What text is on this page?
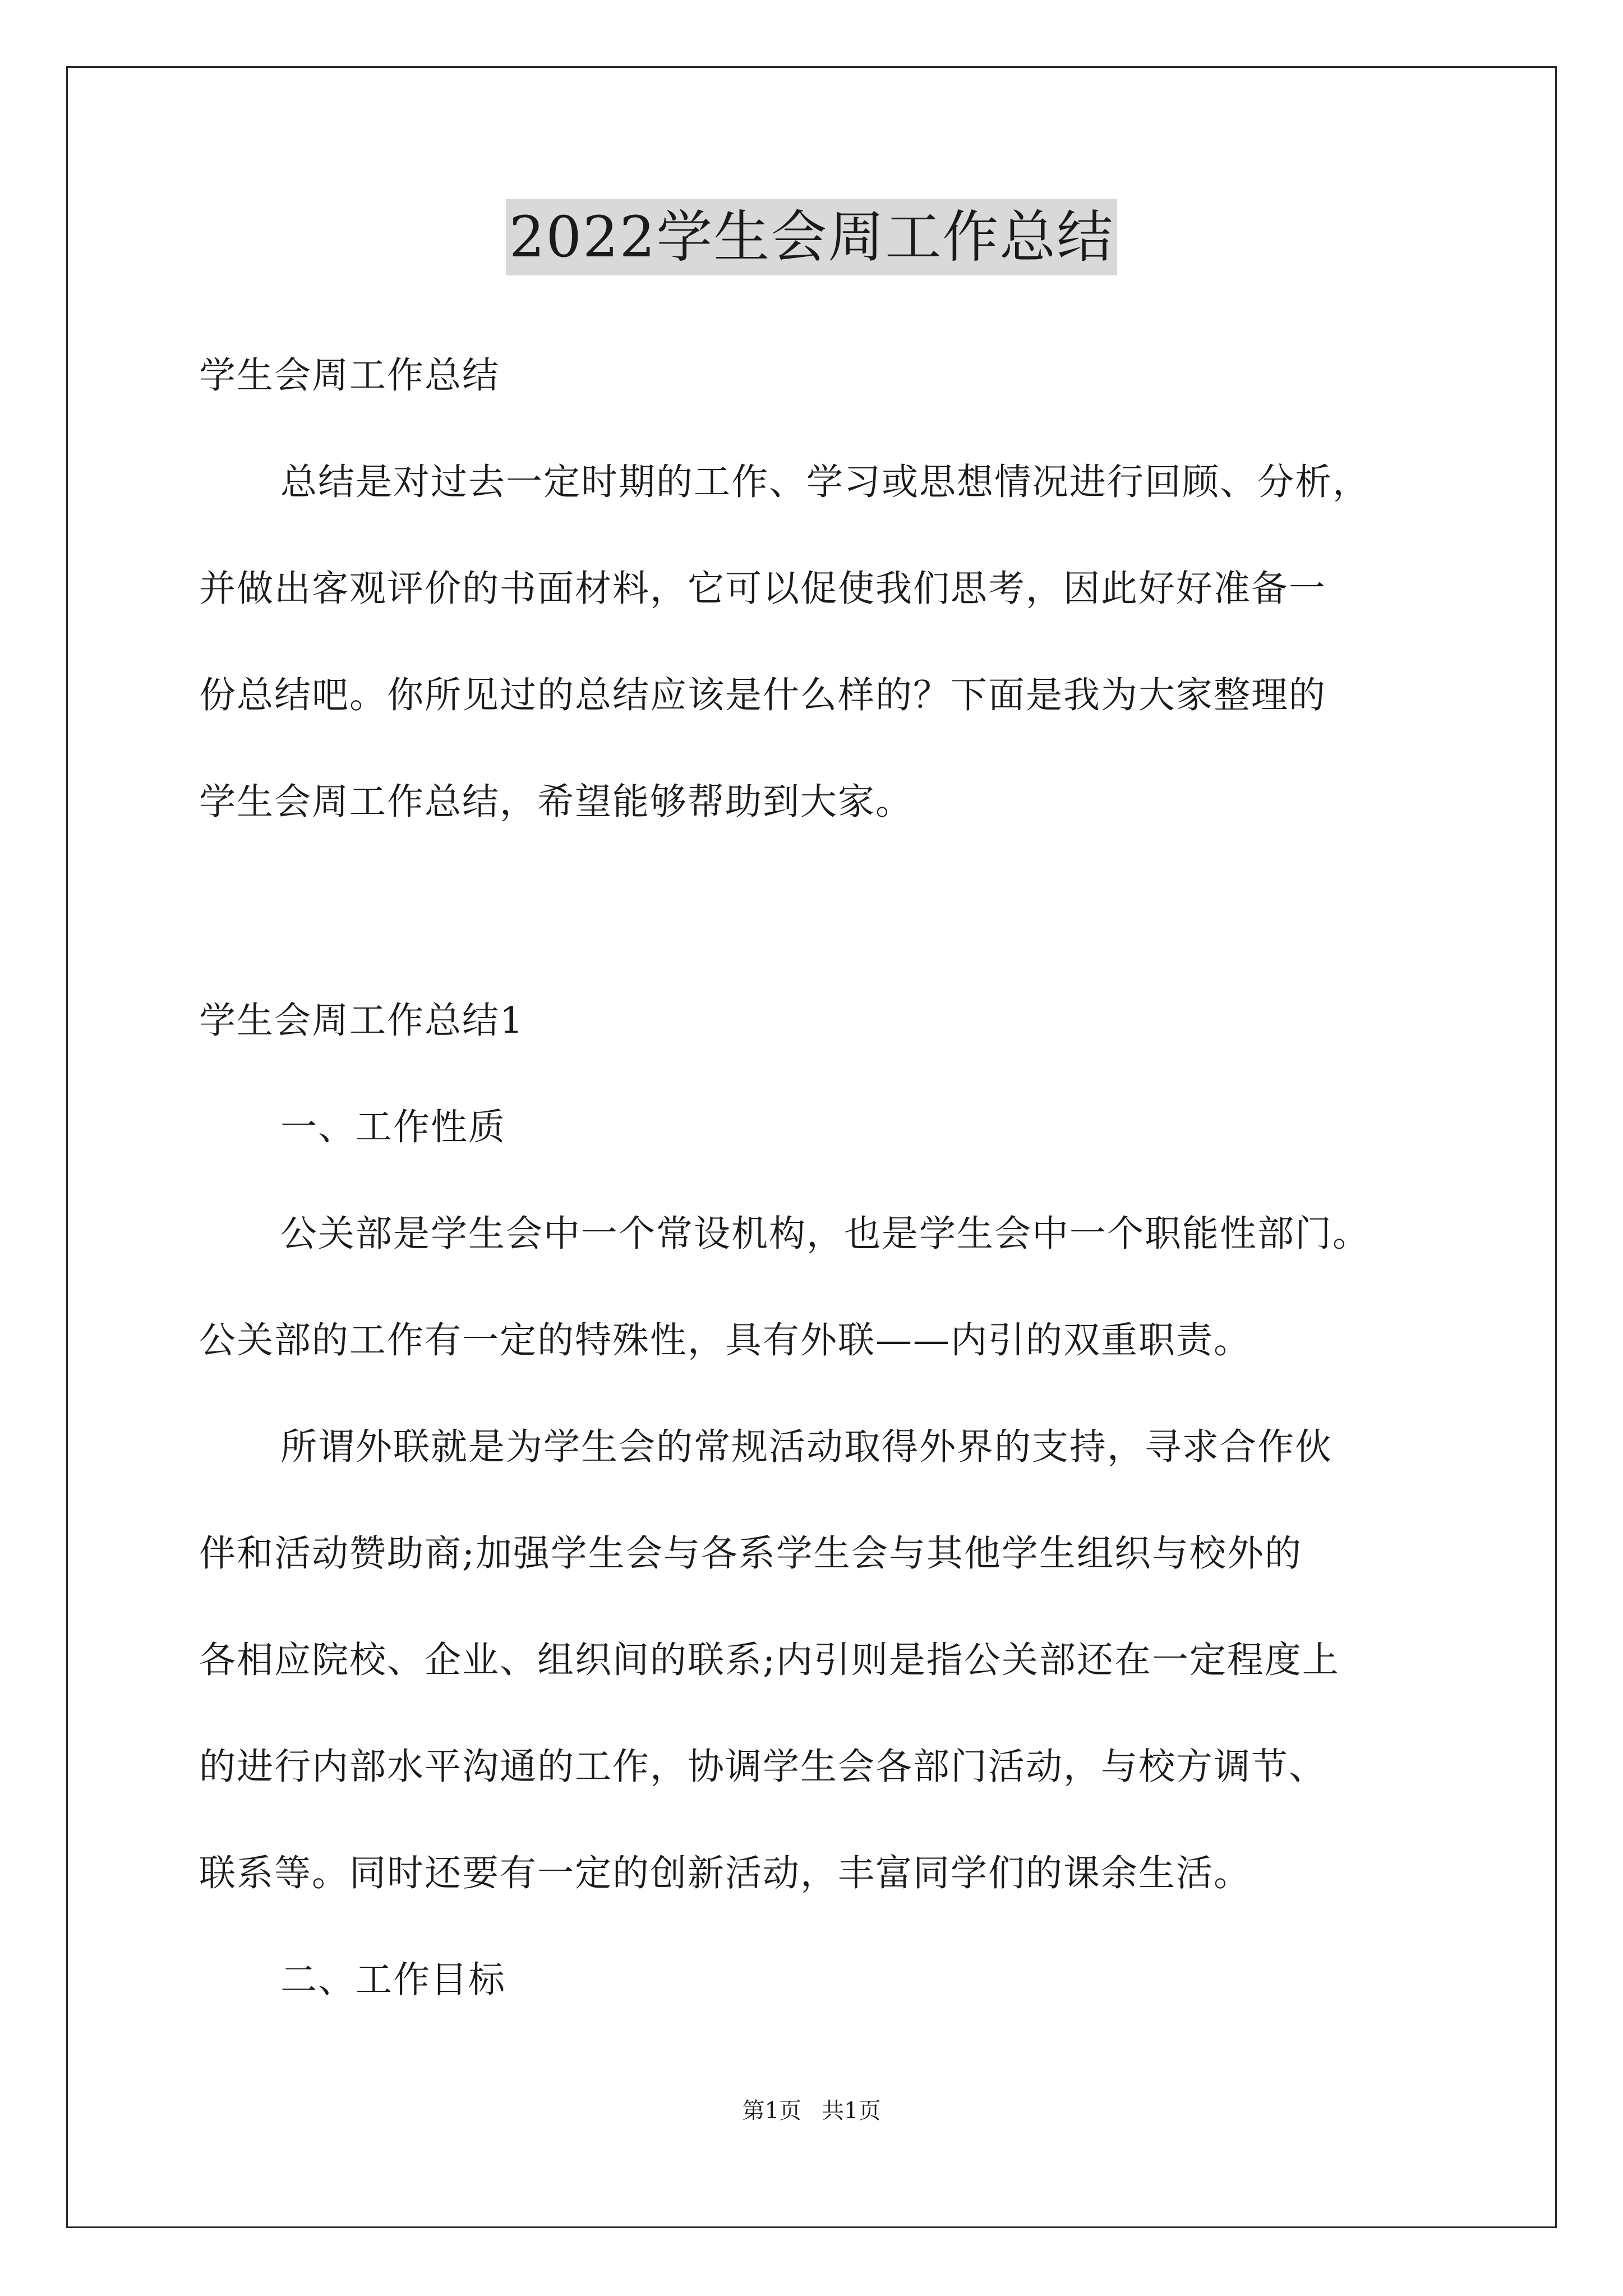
2022学生会周工作总结
学生会周工作总结
总结是对过去一定时期的工作、学习或思想情况进行回顾、分析，
并做出客观评价的书面材料，它可以促使我们思考，因此好好准备一
份总结吧。你所见过的总结应该是什么样的？下面是我为大家整理的
学生会周工作总结，希望能够帮助到大家。
学生会周工作总结1
一、工作性质
公关部是学生会中一个常设机构，也是学生会中一个职能性部门。
公关部的工作有一定的特殊性，具有外联——内引的双重职责。
所谓外联就是为学生会的常规活动取得外界的支持，寻求合作伙
伴和活动赞助商;加强学生会与各系学生会与其他学生组织与校外的
各相应院校、企业、组织间的联系;内引则是指公关部还在一定程度上
的进行内部水平沟通的工作，协调学生会各部门活动，与校方调节、
联系等。同时还要有一定的创新活动，丰富同学们的课余生活。
二、工作目标
第1页 共1页
